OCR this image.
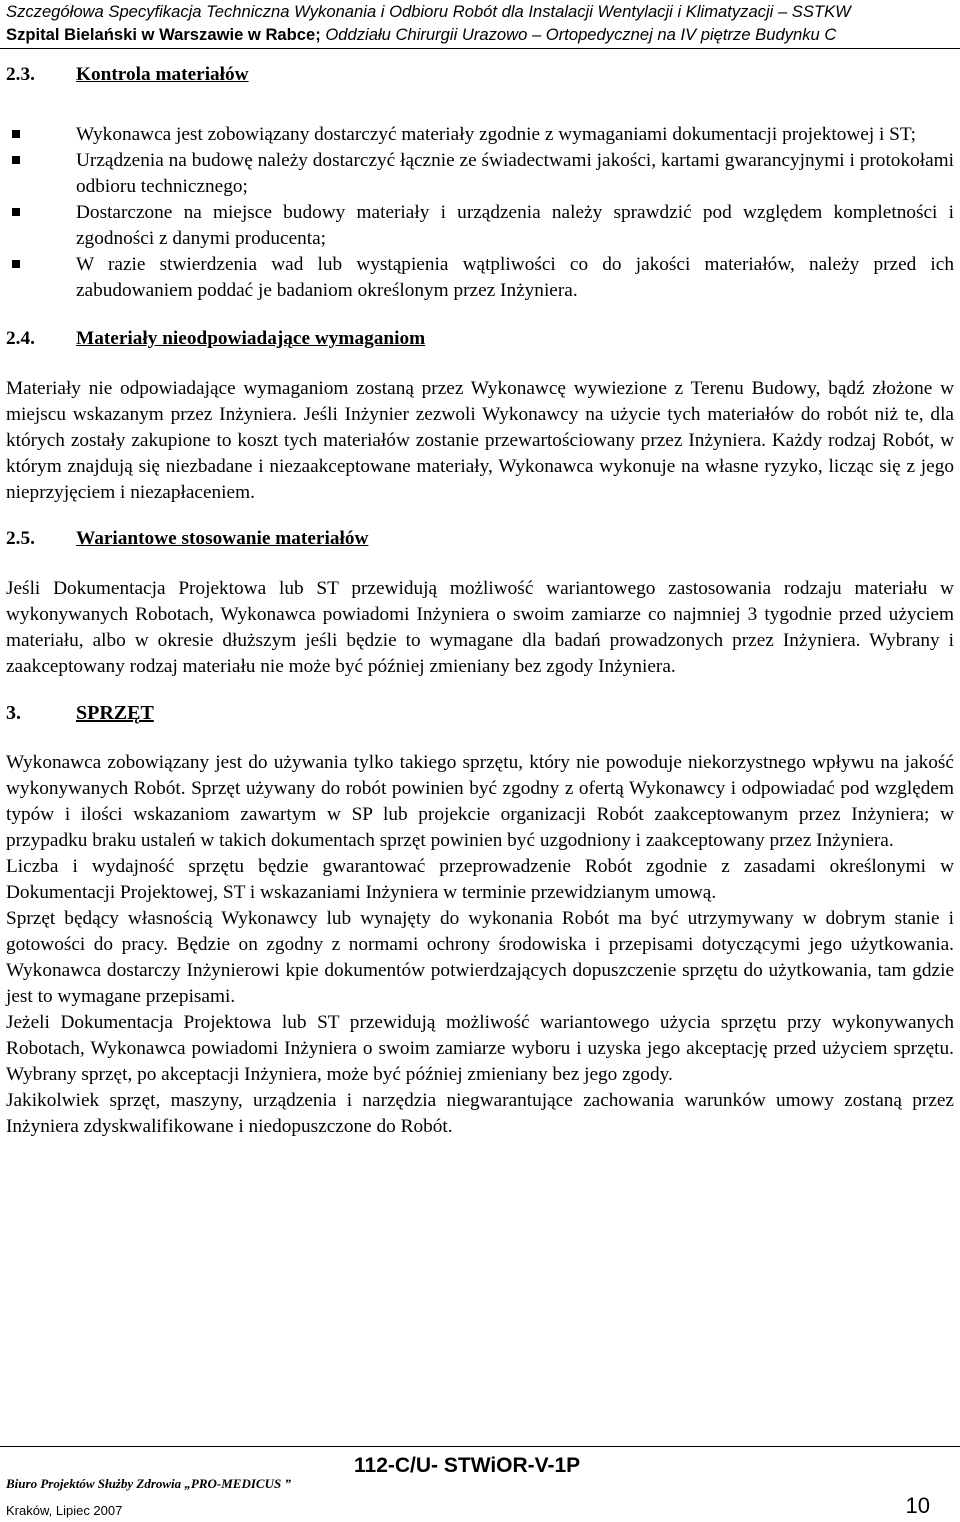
Szczegółowa Specyfikacja Techniczna Wykonania i Odbioru Robót dla Instalacji Wentylacji i Klimatyzacji – SSTKW
Szpital Bielański w Warszawie w Rabce; Oddziału Chirurgii Urazowo – Ortopedycznej na IV piętrze Budynku C
2.3.	Kontrola materiałów
Wykonawca jest zobowiązany dostarczyć materiały zgodnie z wymaganiami dokumentacji projektowej i ST;
Urządzenia na budowę należy dostarczyć łącznie ze świadectwami jakości, kartami gwarancyjnymi i protokołami odbioru technicznego;
Dostarczone na miejsce budowy materiały i urządzenia należy sprawdzić pod względem kompletności i zgodności z danymi producenta;
W razie stwierdzenia wad lub wystąpienia wątpliwości co do jakości materiałów, należy przed ich zabudowaniem poddać je badaniom określonym przez Inżyniera.
2.4.	Materiały nieodpowiadające wymaganiom

Materiały nie odpowiadające wymaganiom zostaną przez Wykonawcę wywiezione z Terenu Budowy, bądź złożone w miejscu wskazanym przez Inżyniera. Jeśli Inżynier zezwoli Wykonawcy na użycie tych materiałów do robót niż te, dla których zostały zakupione to koszt tych materiałów zostanie przewartościowany przez Inżyniera. Każdy rodzaj Robót, w którym znajdują się niezbadane i niezaakceptowane materiały, Wykonawca wykonuje na własne ryzyko, licząc się z jego nieprzyjęciem i niezapłaceniem.

2.5.	Wariantowe stosowanie materiałów

Jeśli Dokumentacja Projektowa lub ST przewidują możliwość wariantowego zastosowania rodzaju materiału w wykonywanych Robotach, Wykonawca powiadomi Inżyniera o swoim zamiarze co najmniej 3 tygodnie przed użyciem materiału, albo w okresie dłuższym jeśli będzie to wymagane dla badań prowadzonych przez Inżyniera. Wybrany i zaakceptowany rodzaj materiału nie może być później zmieniany bez zgody Inżyniera.

3.	SPRZĘT

Wykonawca zobowiązany jest do używania tylko takiego sprzętu, który nie powoduje niekorzystnego wpływu na jakość wykonywanych Robót. Sprzęt używany do robót powinien być zgodny z ofertą Wykonawcy i odpowiadać pod względem typów i ilości wskazaniom zawartym w SP lub projekcie organizacji Robót zaakceptowanym przez Inżyniera; w przypadku braku ustaleń w takich dokumentach sprzęt powinien być uzgodniony i zaakceptowany przez Inżyniera.

Liczba i wydajność sprzętu będzie gwarantować przeprowadzenie Robót zgodnie z zasadami określonymi w Dokumentacji Projektowej, ST i wskazaniami Inżyniera w terminie przewidzianym umową.

Sprzęt będący własnością Wykonawcy lub wynajęty do wykonania Robót ma być utrzymywany w dobrym stanie i gotowości do pracy. Będzie on zgodny z normami ochrony środowiska i przepisami dotyczącymi jego użytkowania. Wykonawca dostarczy Inżynierowi kpie dokumentów potwierdzających dopuszczenie sprzętu do użytkowania, tam gdzie jest to wymagane przepisami.

Jeżeli Dokumentacja Projektowa lub ST przewidują możliwość wariantowego użycia sprzętu przy wykonywanych Robotach, Wykonawca powiadomi Inżyniera o swoim zamiarze wyboru i uzyska jego akceptację przed użyciem sprzętu. Wybrany sprzęt, po akceptacji Inżyniera, może być później zmieniany bez jego zgody.

Jakikolwiek sprzęt, maszyny, urządzenia i narzędzia niegwarantujące zachowania warunków umowy zostaną przez Inżyniera zdyskwalifikowane i niedopuszczone do Robót.

Biuro Projektów Służby Zdrowia „PRO-MEDICUS ”
112-C/U- STWiOR-V-1P
Kraków, Lipiec 2007	10
